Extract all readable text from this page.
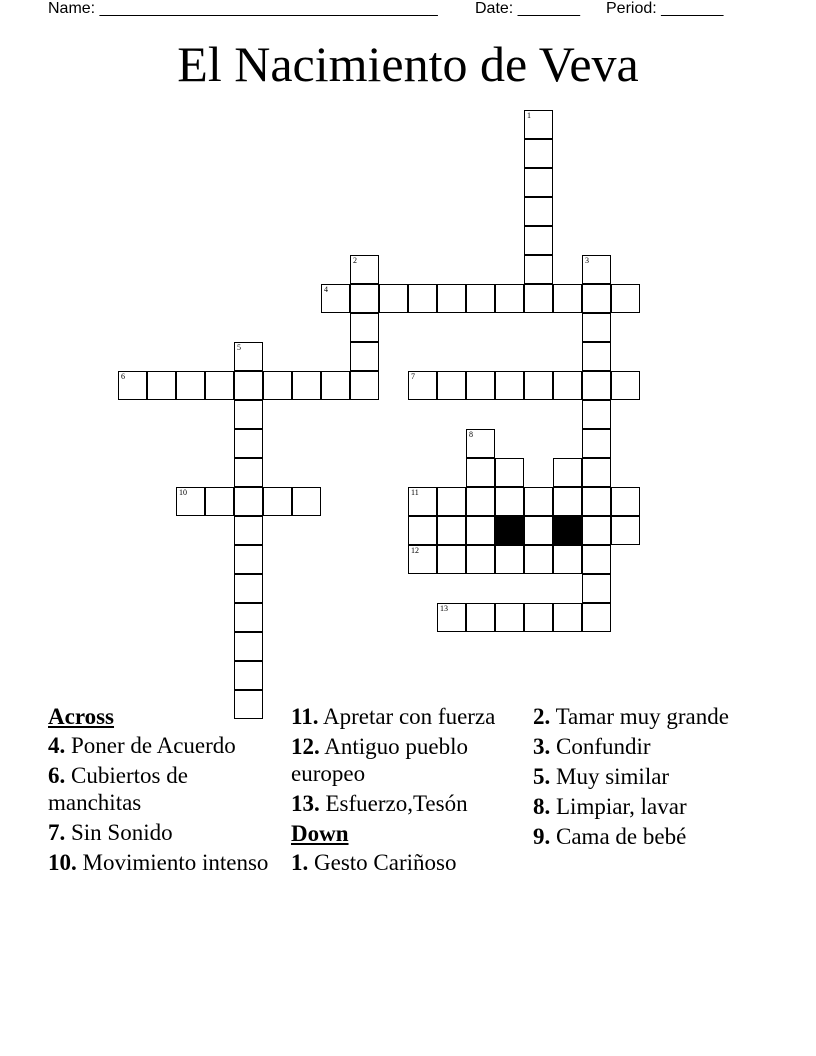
Name: ______________________________________ Date: _______ Period: _______
El Nacimiento de Veva
1
2	3
4
5
6	7
8
10	11
12
13
Across
4. Poner de Acuerdo
6. Cubiertos de manchitas
7. Sin Sonido
10. Movimiento intenso
11. Apretar con fuerza
12. Antiguo pueblo europeo
13. Esfuerzo,Tesón
Down
1. Gesto Cariñoso
2. Tamar muy grande
3. Confundir
5. Muy similar
8. Limpiar, lavar
9. Cama de bebé
